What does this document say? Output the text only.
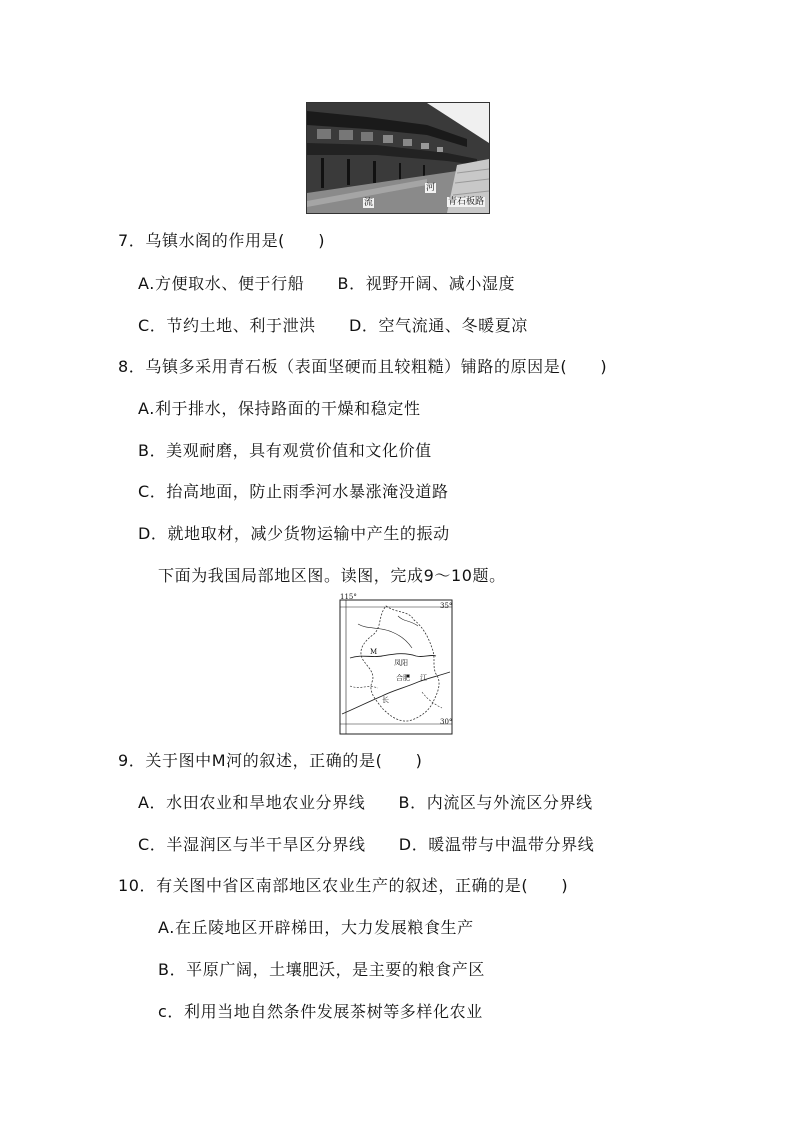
流
河
青石板路
7．乌镇水阁的作用是(　　)
A.方便取水、便于行船　　B．视野开阔、减小湿度
C．节约土地、利于泄洪　　D．空气流通、冬暖夏凉
8．乌镇多采用青石板（表面坚硬而且较粗糙）铺路的原因是(　　)
A.利于排水，保持路面的干燥和稳定性
B．美观耐磨，具有观赏价值和文化价值
C．抬高地面，防止雨季河水暴涨淹没道路
D．就地取材，减少货物运输中产生的振动
下面为我国局部地区图。读图，完成9～10题。
115°
35°
30°
M
凤阳
合肥 江
长
9．关于图中M河的叙述，正确的是(　　)
A．水田农业和旱地农业分界线　　B．内流区与外流区分界线
C．半湿润区与半干旱区分界线　　D．暖温带与中温带分界线
10．有关图中省区南部地区农业生产的叙述，正确的是(　　)
A.在丘陵地区开辟梯田，大力发展粮食生产
B．平原广阔，土壤肥沃，是主要的粮食产区
c．利用当地自然条件发展茶树等多样化农业
